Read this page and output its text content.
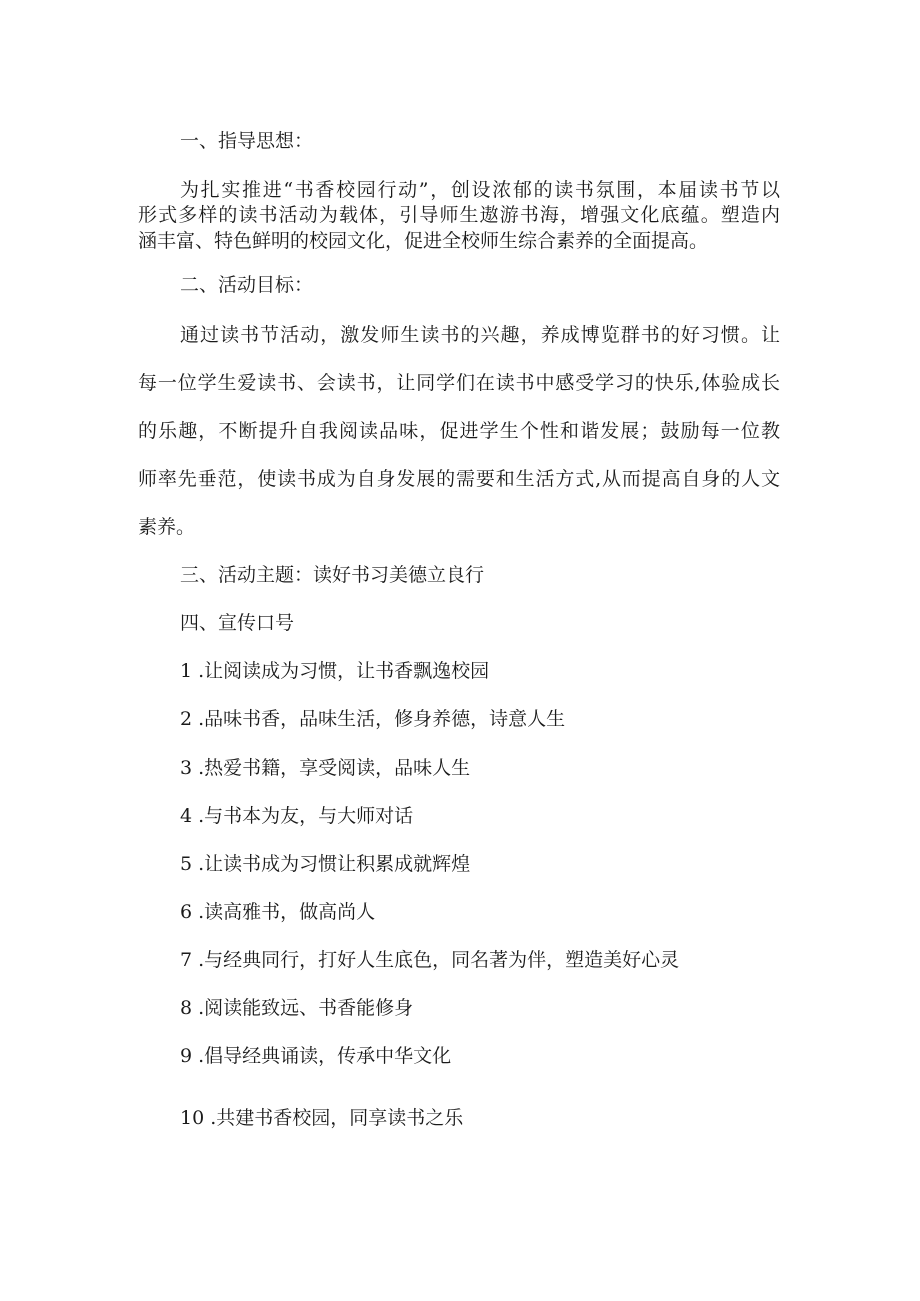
一、指导思想：
为扎实推进“书香校园行动”，创设浓郁的读书氛围，本届读书节以
形式多样的读书活动为载体，引导师生遨游书海，增强文化底蕴。塑造内
涵丰富、特色鲜明的校园文化，促进全校师生综合素养的全面提高。
二、活动目标：
通过读书节活动，激发师生读书的兴趣，养成博览群书的好习惯。让
每一位学生爱读书、会读书，让同学们在读书中感受学习的快乐,体验成长
的乐趣，不断提升自我阅读品味，促进学生个性和谐发展；鼓励每一位教
师率先垂范，使读书成为自身发展的需要和生活方式,从而提高自身的人文
素养。
三、活动主题：读好书习美德立良行
四、宣传口号
1 .让阅读成为习惯，让书香飘逸校园
2 .品味书香，品味生活，修身养德，诗意人生
3 .热爱书籍，享受阅读，品味人生
4 .与书本为友，与大师对话
5 .让读书成为习惯让积累成就辉煌
6 .读高雅书，做高尚人
7 .与经典同行，打好人生底色，同名著为伴，塑造美好心灵
8 .阅读能致远、书香能修身
9 .倡导经典诵读，传承中华文化
10 .共建书香校园，同享读书之乐
